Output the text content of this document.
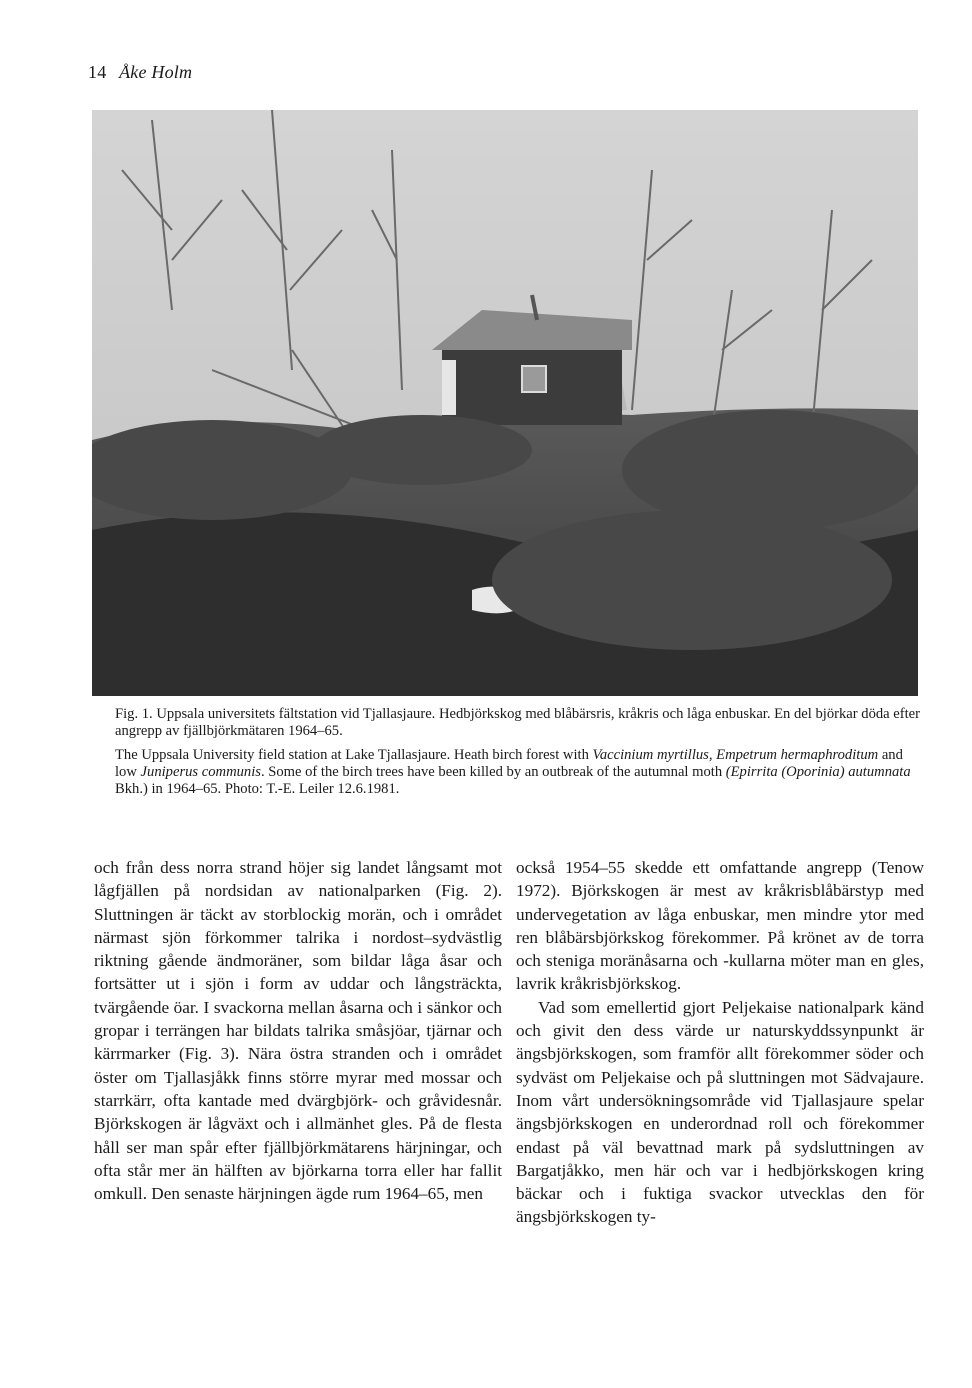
14 Åke Holm

Fig. 1. Uppsala universitets fältstation vid Tjallasjaure. Hedbjörkskog med blåbärsris, kråkris och låga enbuskar. En del björkar döda efter angrepp av fjällbjörkmätaren 1964–65.

The Uppsala University field station at Lake Tjallasjaure. Heath birch forest with Vaccinium myrtillus, Empetrum hermaphroditum and low Juniperus communis. Some of the birch trees have been killed by an outbreak of the autumnal moth (Epirrita (Oporinia) autumnata Bkh.) in 1964–65. Photo: T.-E. Leiler 12.6.1981.

och från dess norra strand höjer sig landet långsamt mot lågfjällen på nordsidan av nationalparken (Fig. 2). Sluttningen är täckt av storblockig morän, och i området närmast sjön förkommer talrika i nordost–sydvästlig riktning gående ändmoräner, som bildar låga åsar och fortsätter ut i sjön i form av uddar och långsträckta, tvärgående öar. I svackorna mellan åsarna och i sänkor och gropar i terrängen har bildats talrika småsjöar, tjärnar och kärrmarker (Fig. 3). Nära östra stranden och i området öster om Tjallasjåkk finns större myrar med mossar och starrkärr, ofta kantade med dvärgbjörk- och gråvidesnår. Björkskogen är lågväxt och i allmänhet gles. På de flesta håll ser man spår efter fjällbjörkmätarens härjningar, och ofta står mer än hälften av björkarna torra eller har fallit omkull. Den senaste härjningen ägde rum 1964–65, men

också 1954–55 skedde ett omfattande angrepp (Tenow 1972). Björkskogen är mest av kråkrisblåbärstyp med undervegetation av låga enbuskar, men mindre ytor med ren blåbärsbjörkskog förekommer. På krönet av de torra och steniga moränåsarna och -kullarna möter man en gles, lavrik kråkrisbjörkskog.

Vad som emellertid gjort Peljekaise nationalpark känd och givit den dess värde ur naturskyddssynpunkt är ängsbjörkskogen, som framför allt förekommer söder och sydväst om Peljekaise och på sluttningen mot Sädvajaure. Inom vårt undersökningsområde vid Tjallasjaure spelar ängsbjörkskogen en underordnad roll och förekommer endast på väl bevattnad mark på sydsluttningen av Bargatjåkko, men här och var i hedbjörkskogen kring bäckar och i fuktiga svackor utvecklas den för ängsbjörkskogen ty-
